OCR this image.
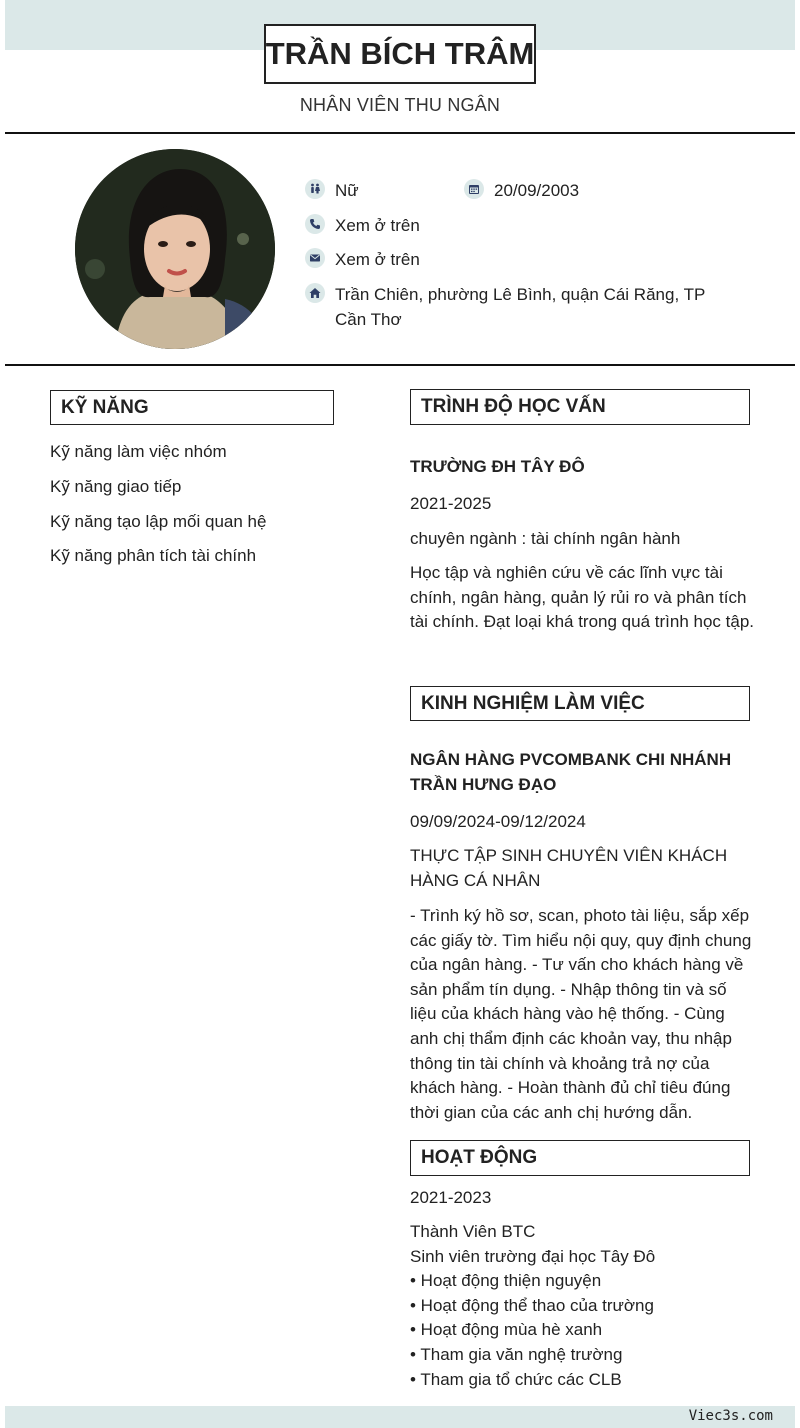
TRẦN BÍCH TRÂM
NHÂN VIÊN THU NGÂN
Nữ	20/09/2003
Xem ở trên
Xem ở trên
Trần Chiên, phường Lê Bình, quận Cái Răng, TP Cần Thơ
KỸ NĂNG
Kỹ năng làm việc nhóm
Kỹ năng giao tiếp
Kỹ năng tạo lập mối quan hệ
Kỹ năng phân tích tài chính
TRÌNH ĐỘ HỌC VẤN
TRƯỜNG ĐH TÂY ĐÔ
2021-2025
chuyên ngành : tài chính ngân hành
Học tập và nghiên cứu về các lĩnh vực tài chính, ngân hàng, quản lý rủi ro và phân tích tài chính. Đạt loại khá trong quá trình học tập.
KINH NGHIỆM LÀM VIỆC
NGÂN HÀNG PVCOMBANK CHI NHÁNH TRẦN HƯNG ĐẠO
09/09/2024-09/12/2024
THỰC TẬP SINH CHUYÊN VIÊN KHÁCH HÀNG CÁ NHÂN
- Trình ký hồ sơ, scan, photo tài liệu, sắp xếp các giấy tờ. Tìm hiểu nội quy, quy định chung của ngân hàng. - Tư vấn cho khách hàng về sản phẩm tín dụng. - Nhập thông tin và số liệu của khách hàng vào hệ thống. - Cùng anh chị thẩm định các khoản vay, thu nhập thông tin tài chính và khoảng trả nợ của khách hàng. - Hoàn thành đủ chỉ tiêu đúng thời gian của các anh chị hướng dẫn.
HOẠT ĐỘNG
2021-2023
Thành Viên BTC
Sinh viên trường đại học Tây Đô
• Hoạt động thiện nguyện
• Hoạt động thể thao của trường
• Hoạt động mùa hè xanh
• Tham gia văn nghệ trường
• Tham gia tổ chức các CLB
Viec3s.com
